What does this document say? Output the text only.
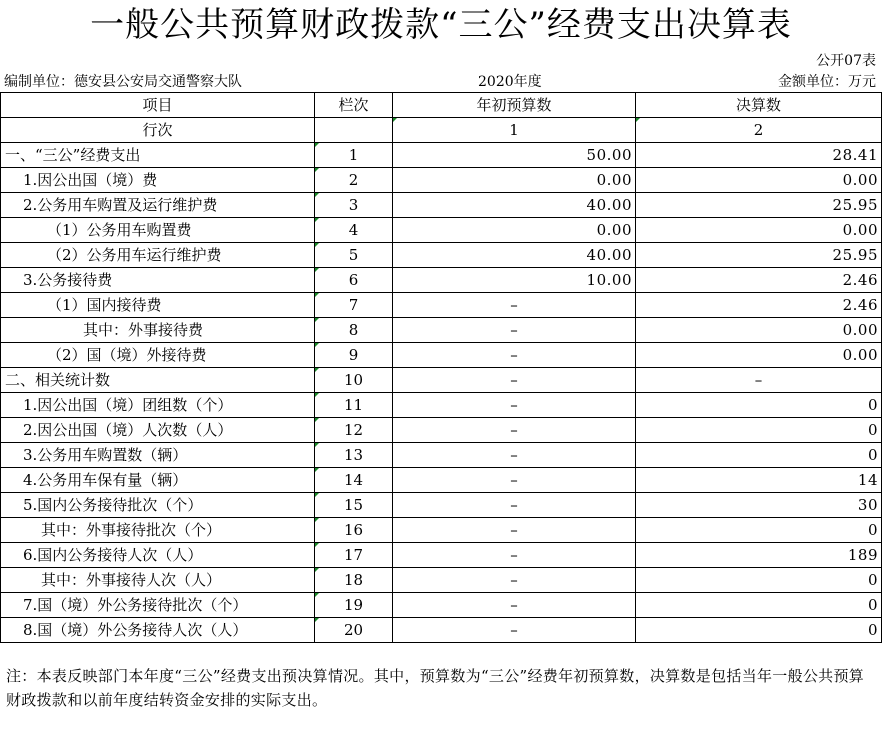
一般公共预算财政拨款“三公”经费支出决算表
公开07表
编制单位：德安县公安局交通警察大队	2020年度	金额单位：万元
项目	栏次	年初预算数	决算数
行次		1	2
一、“三公”经费支出	1	50.00	28.41
1.因公出国（境）费	2	0.00	0.00
2.公务用车购置及运行维护费	3	40.00	25.95
（1）公务用车购置费	4	0.00	0.00
（2）公务用车运行维护费	5	40.00	25.95
3.公务接待费	6	10.00	2.46
（1）国内接待费	7	–	2.46
其中：外事接待费	8	–	0.00
（2）国（境）外接待费	9	–	0.00
二、相关统计数	10	–	–
1.因公出国（境）团组数（个）	11	–	0
2.因公出国（境）人次数（人）	12	–	0
3.公务用车购置数（辆）	13	–	0
4.公务用车保有量（辆）	14	–	14
5.国内公务接待批次（个）	15	–	30
其中：外事接待批次（个）	16	–	0
6.国内公务接待人次（人）	17	–	189
其中：外事接待人次（人）	18	–	0
7.国（境）外公务接待批次（个）	19	–	0
8.国（境）外公务接待人次（人）	20	–	0
注：本表反映部门本年度“三公”经费支出预决算情况。其中，预算数为“三公”经费年初预算数，决算数是包括当年一般公共预算财政拨款和以前年度结转资金安排的实际支出。
